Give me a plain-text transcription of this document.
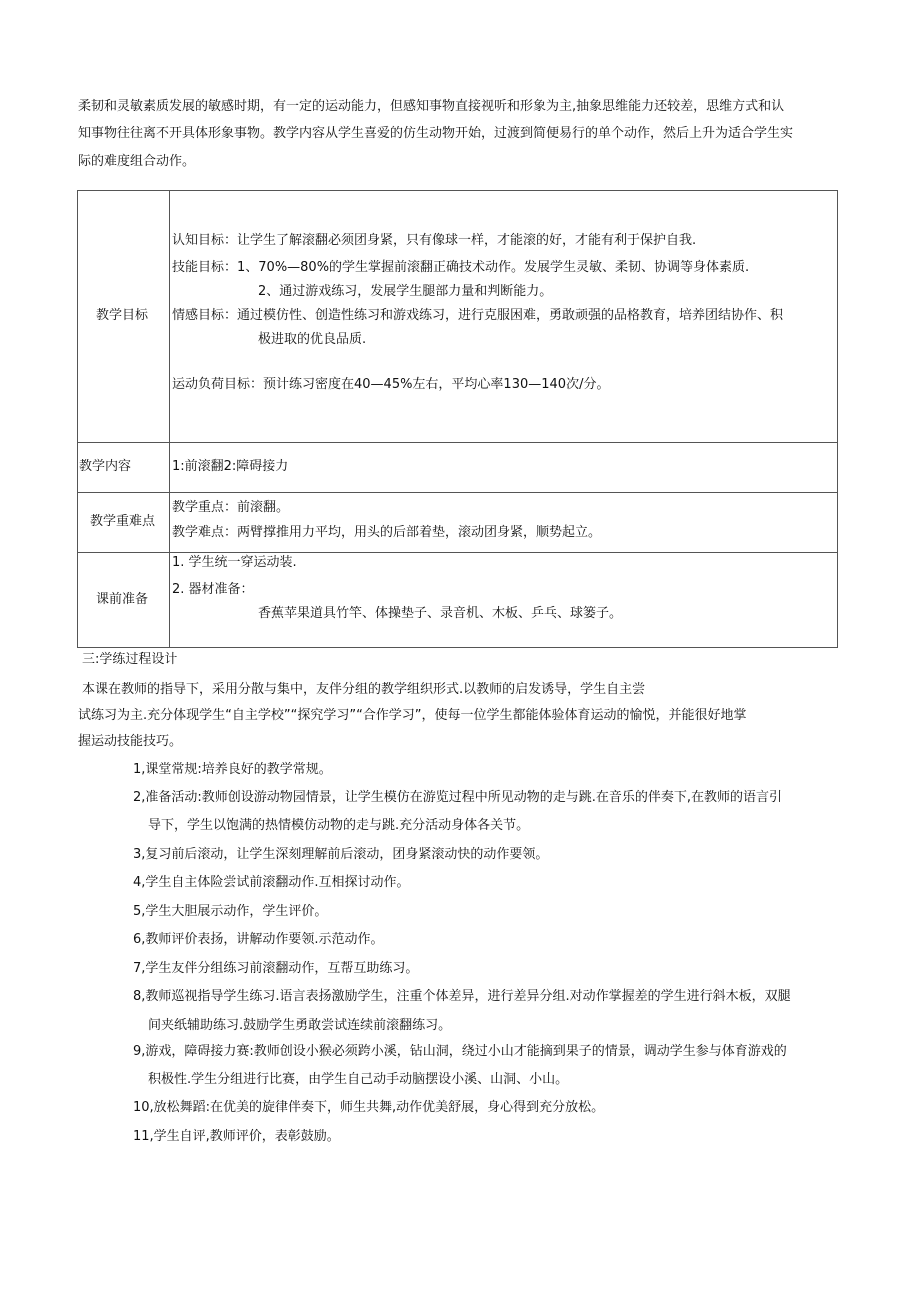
柔韧和灵敏素质发展的敏感时期，有一定的运动能力，但感知事物直接视听和形象为主,抽象思维能力还较差，思维方式和认
知事物往往离不开具体形象事物。教学内容从学生喜爱的仿生动物开始，过渡到简便易行的单个动作，然后上升为适合学生实
际的难度组合动作。
教学目标
认知目标：让学生了解滚翻必须团身紧，只有像球一样，才能滚的好，才能有利于保护自我.
技能目标：1、70%—80%的学生掌握前滚翻正确技术动作。发展学生灵敏、柔韧、协调等身体素质.
2、通过游戏练习，发展学生腿部力量和判断能力。
情感目标：通过模仿性、创造性练习和游戏练习，进行克服困难，勇敢顽强的品格教育，培养团结协作、积
极进取的优良品质.
运动负荷目标：预计练习密度在40—45%左右，平均心率130—140次/分。
教学内容	1:前滚翻2:障碍接力
教学重难点
教学重点：前滚翻。
教学难点：两臂撑推用力平均，用头的后部着垫，滚动团身紧，顺势起立。
课前准备
1. 学生统一穿运动装.
2. 器材准备：
香蕉苹果道具竹竿、体操垫子、录音机、木板、乒乓、球篓子。
三:学练过程设计
本课在教师的指导下，采用分散与集中，友伴分组的教学组织形式.以教师的启发诱导，学生自主尝
试练习为主.充分体现学生“自主学校”“探究学习”“合作学习”，使每一位学生都能体验体育运动的愉悦，并能很好地掌
握运动技能技巧。
1,课堂常规:培养良好的教学常规。
2,准备活动:教师创设游动物园情景，让学生模仿在游览过程中所见动物的走与跳.在音乐的伴奏下,在教师的语言引
导下，学生以饱满的热情模仿动物的走与跳.充分活动身体各关节。
3,复习前后滚动，让学生深刻理解前后滚动，团身紧滚动快的动作要领。
4,学生自主体险尝试前滚翻动作.互相探讨动作。
5,学生大胆展示动作，学生评价。
6,教师评价表扬，讲解动作要领.示范动作。
7,学生友伴分组练习前滚翻动作，互帮互助练习。
8,教师巡视指导学生练习.语言表扬激励学生，注重个体差异，进行差异分组.对动作掌握差的学生进行斜木板，双腿
间夹纸辅助练习.鼓励学生勇敢尝试连续前滚翻练习。
9,游戏，障碍接力赛:教师创设小猴必须跨小溪，钻山洞，绕过小山才能摘到果子的情景，调动学生参与体育游戏的
积极性.学生分组进行比赛，由学生自己动手动脑摆设小溪、山洞、小山。
10,放松舞蹈:在优美的旋律伴奏下，师生共舞,动作优美舒展，身心得到充分放松。
11,学生自评,教师评价，表彰鼓励。
